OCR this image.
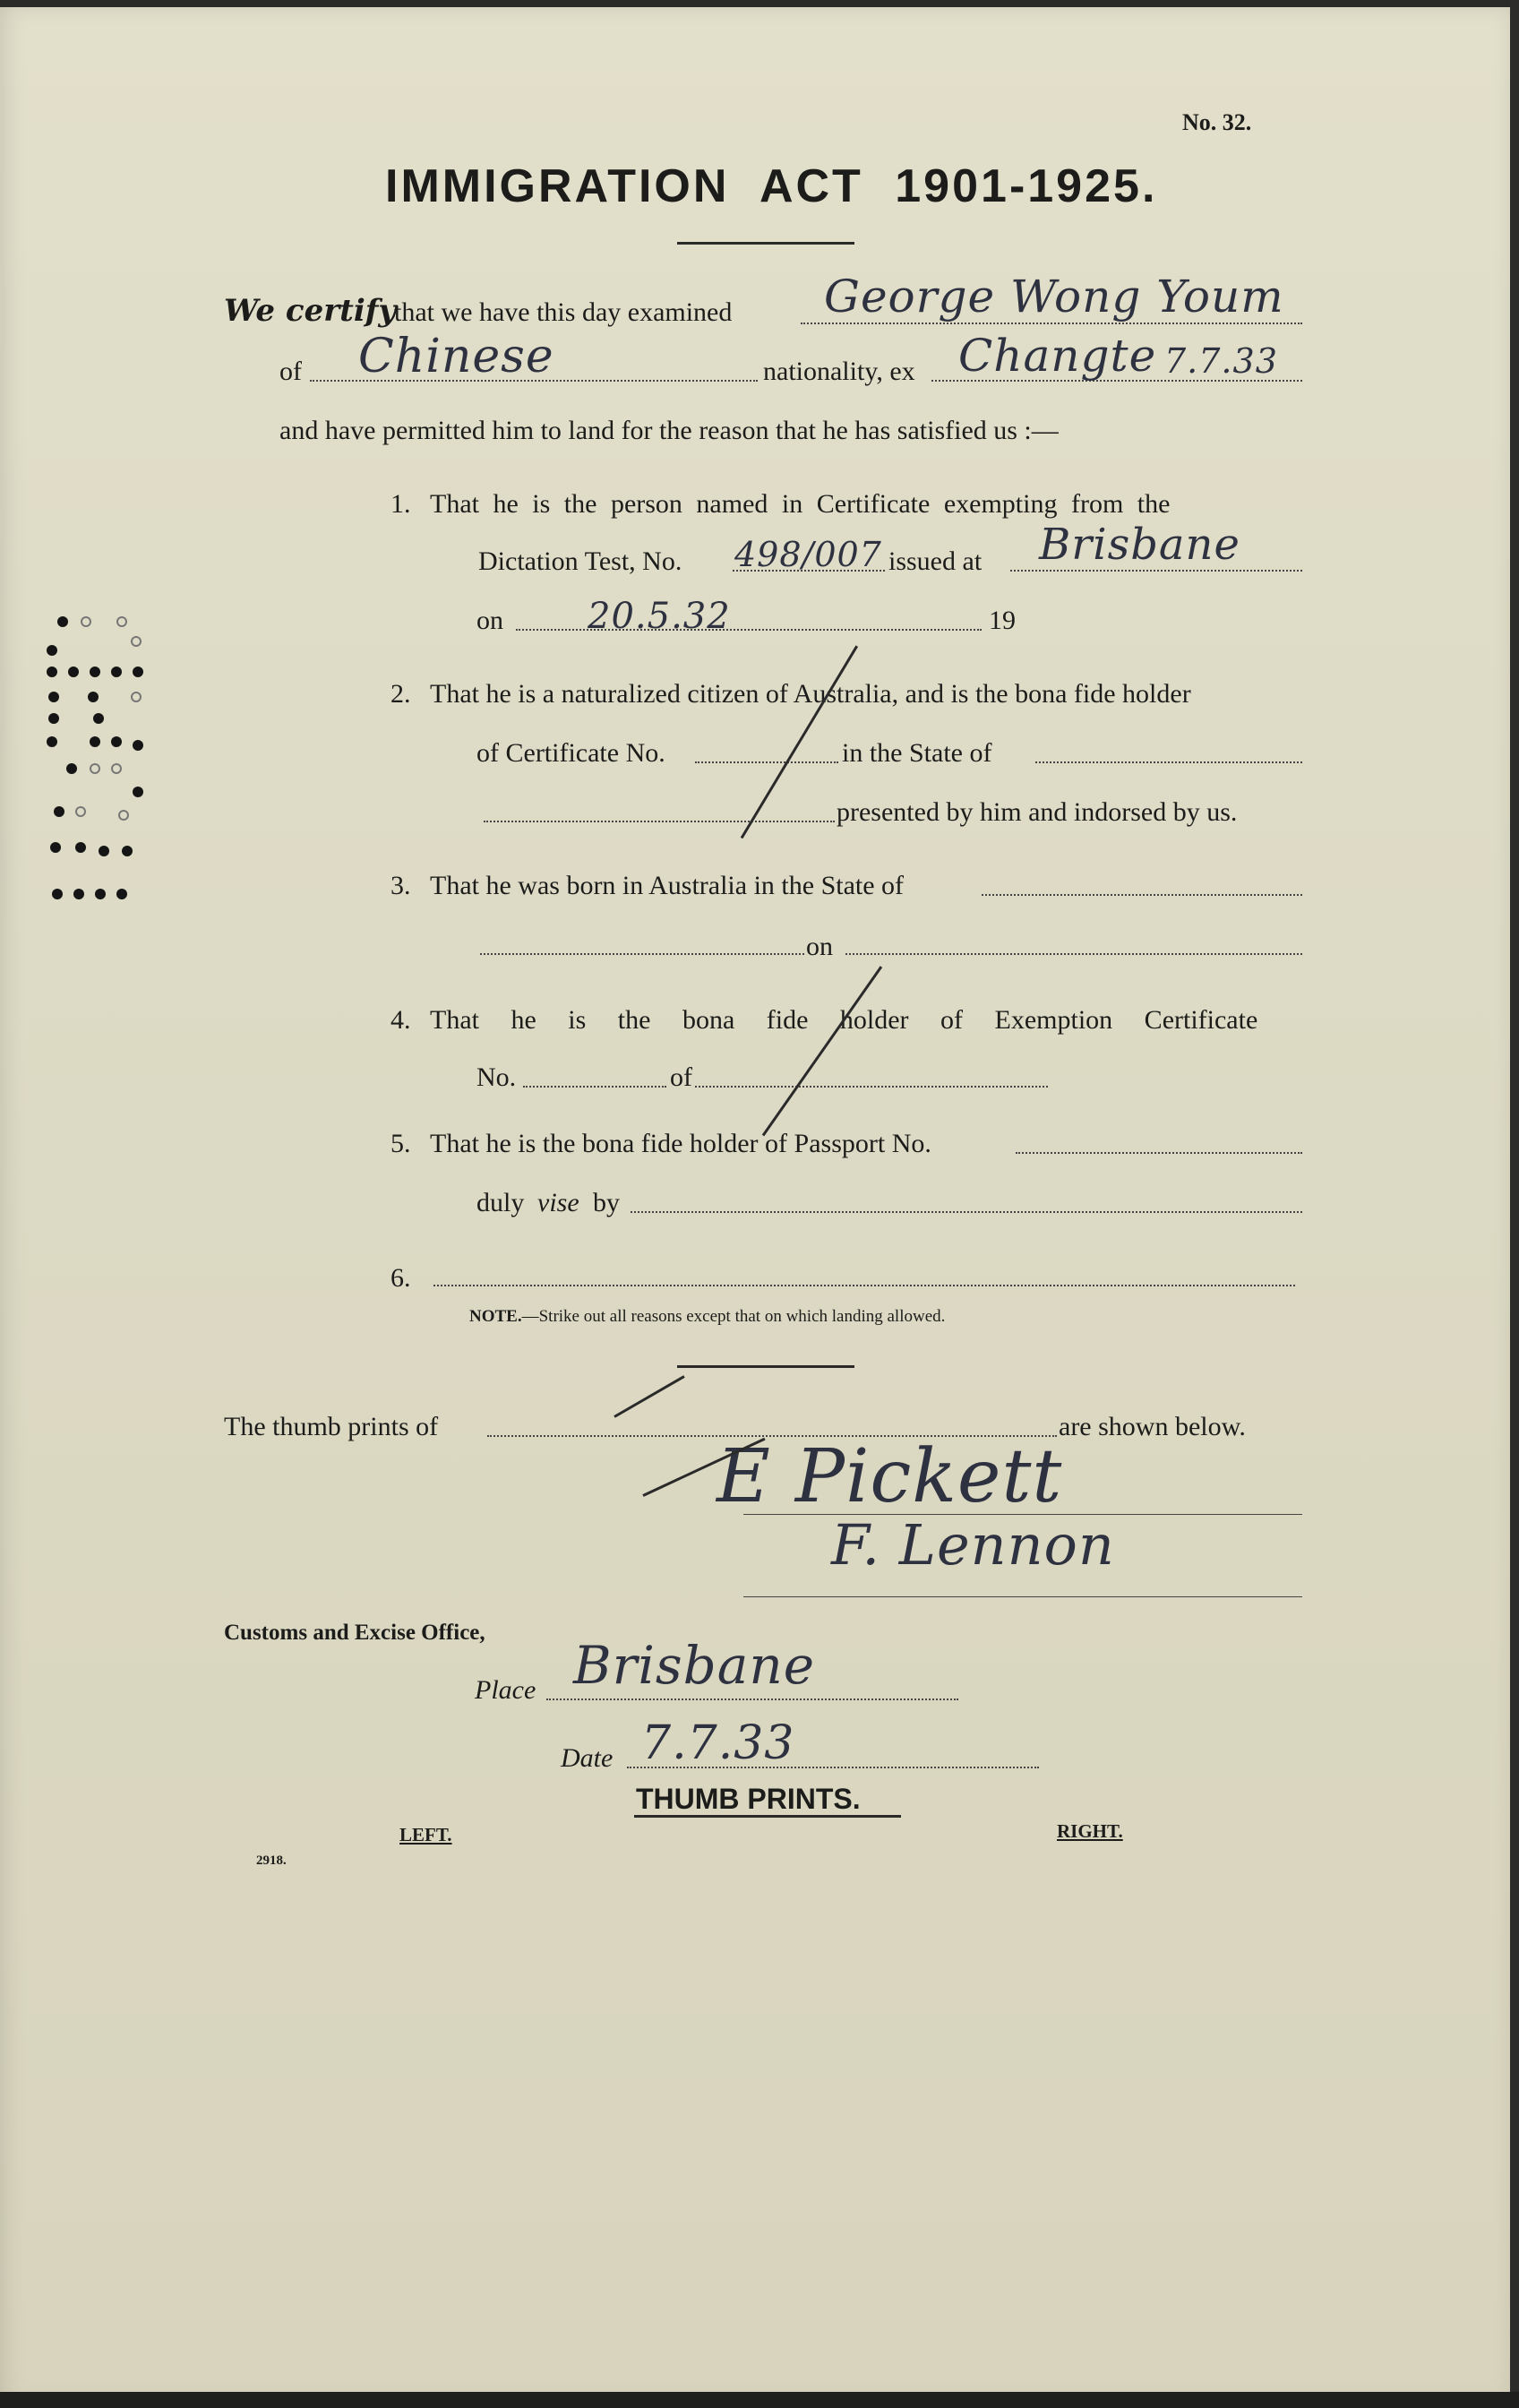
No. 32.
IMMIGRATION ACT 1901-1925.
We certify
that we have this day examined George Wong Youm
of Chinese	nationality, ex Changte 7.7.33
and have permitted him to land for the reason that he has satisfied us :—
1. That he is the person named in Certificate exempting from the
Dictation Test, No. 498/007 issued at Brisbane
on 20.5.32	19
2. That he is a naturalized citizen of Australia, and is the bona fide holder
of Certificate No.	in the State of
presented by him and indorsed by us.
3. That he was born in Australia in the State of
on
4. That he is the bona fide holder of Exemption Certificate
No.	of
5. That he is the bona fide holder of Passport No.
duly vise by
6.
NOTE.—Strike out all reasons except that on which landing allowed.
The thumb prints of	are shown below.
E Pickett
F. Lennon
Customs and Excise Office,
Place Brisbane
Date 7.7.33
THUMB PRINTS.
LEFT.	RIGHT.
2918.
